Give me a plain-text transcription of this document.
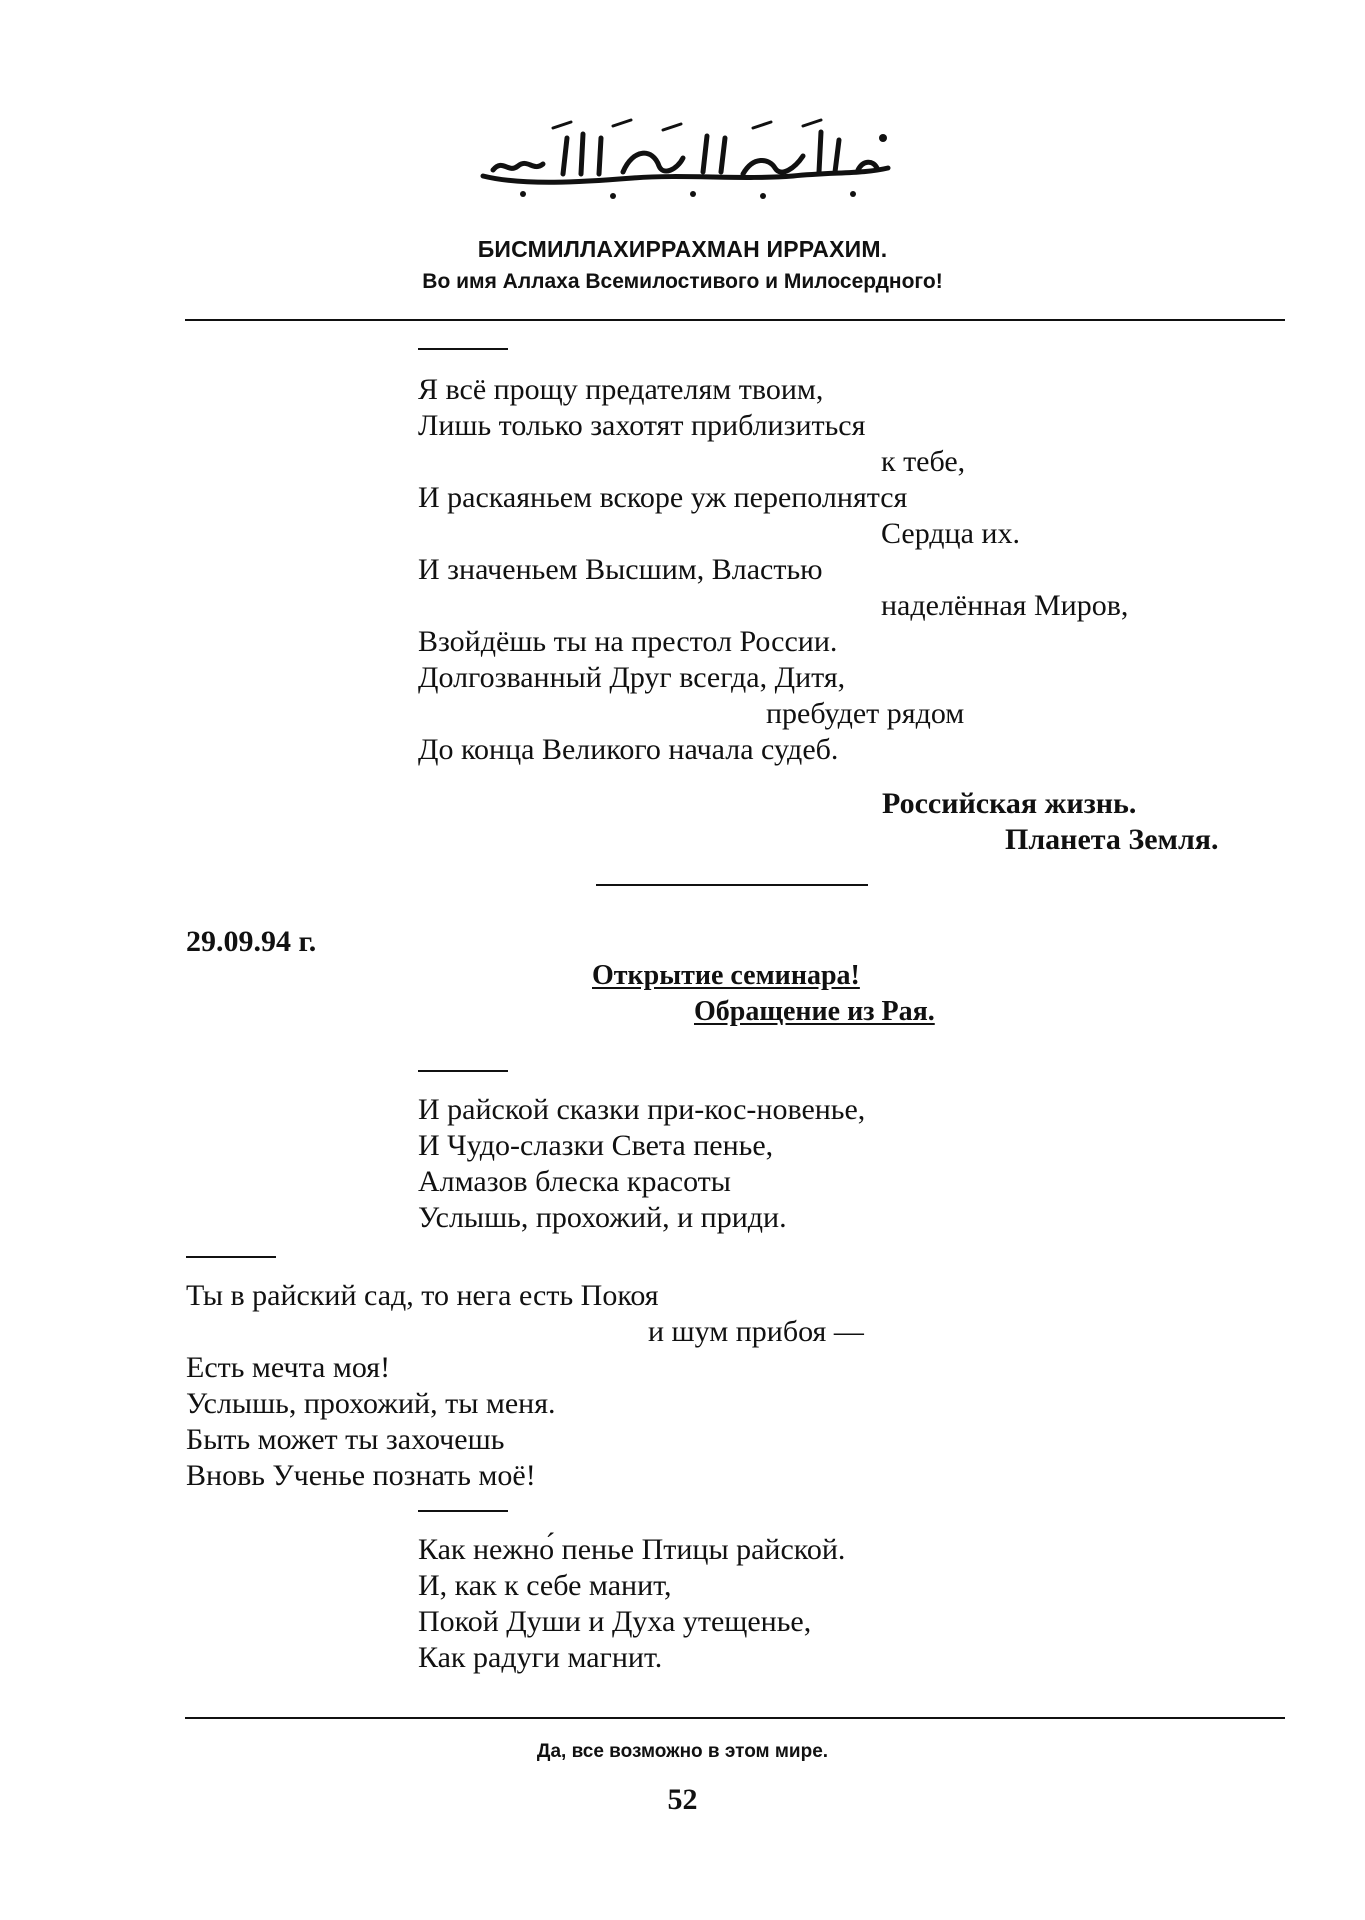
БИСМИЛЛАХИРРАХМАН ИРРАХИМ.
Во имя Аллаха Всемилостивого и Милосердного!
Я всё прощу предателям твоим,
Лишь только захотят приблизиться
к тебе,
И раскаяньем вскоре уж переполнятся
Сердца их.
И значеньем Высшим, Властью
наделённая Миров,
Взойдёшь ты на престол России.
Долгозванный Друг всегда, Дитя,
пребудет рядом
До конца Великого начала судеб.
Российская жизнь.
Планета Земля.
29.09.94 г.
Открытие семинара!
Обращение из Рая.
И райской сказки при-кос-новенье,
И Чудо-слазки Света пенье,
Алмазов блеска красоты
Услышь, прохожий, и приди.
Ты в райский сад, то нега есть Покоя
и шум прибоя —
Есть мечта моя!
Услышь, прохожий, ты меня.
Быть может ты захочешь
Вновь Ученье познать моё!
Как нежно́ пенье Птицы райской.
И, как к себе манит,
Покой Души и Духа утещенье,
Как радуги магнит.
Да, все возможно в этом мире.
52
